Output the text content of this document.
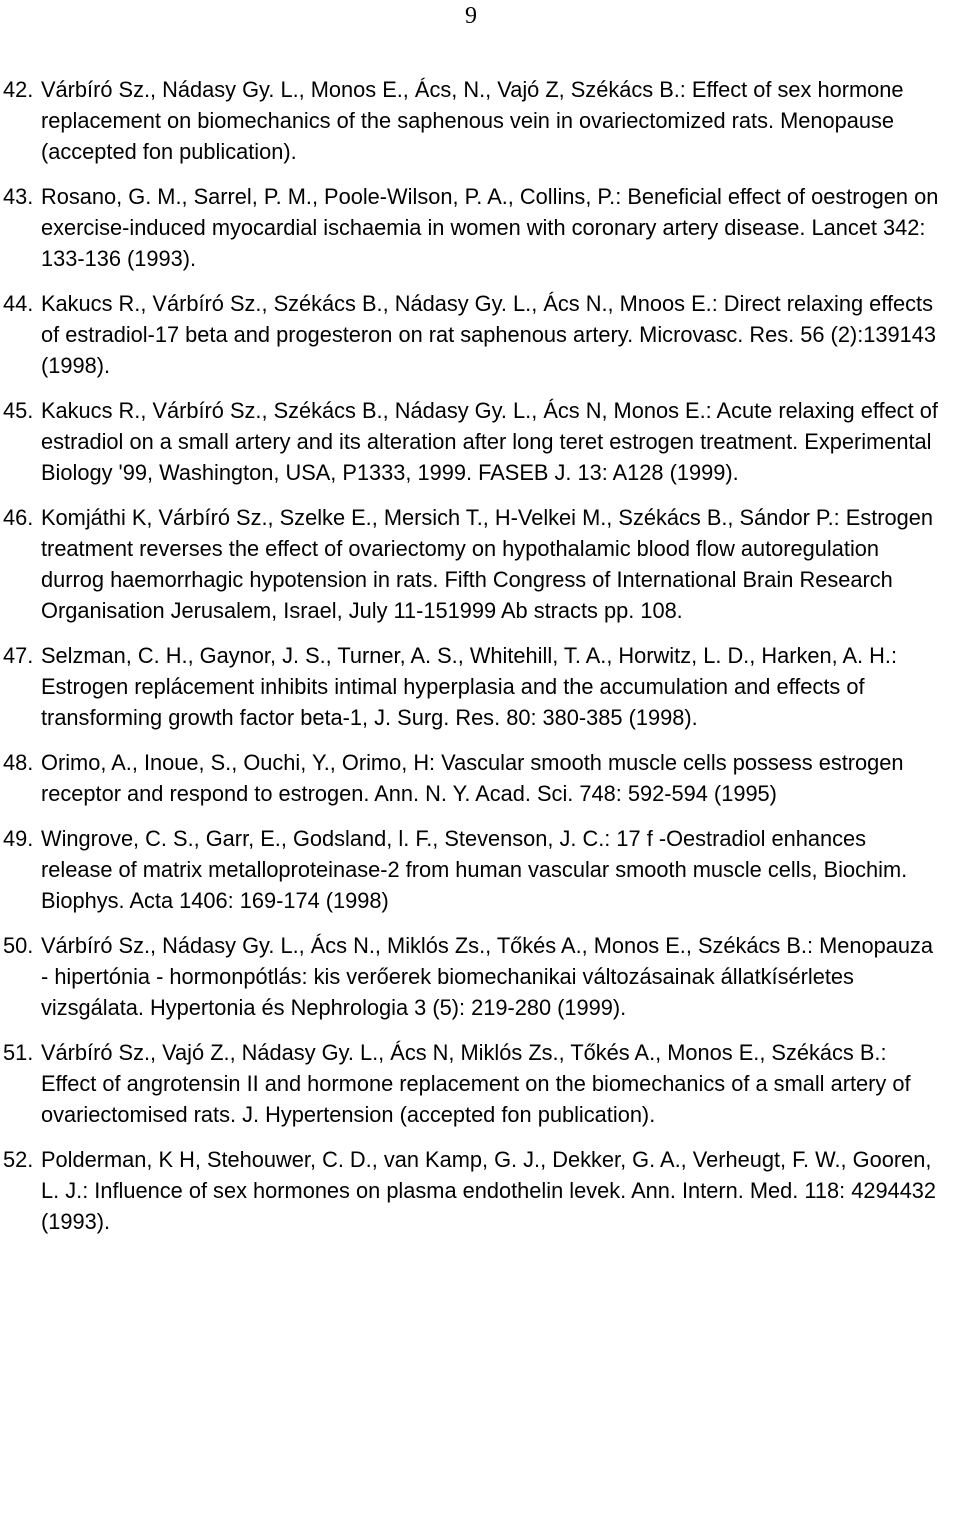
9
42. Várbíró Sz., Nádasy Gy. L., Monos E., Ács, N., Vajó Z, Székács B.: Effect of sex hormone replacement on biomechanics of the saphenous vein in ovariectomized rats. Menopause (accepted fon publication).
43. Rosano, G. M., Sarrel, P. M., Poole-Wilson, P. A., Collins, P.: Beneficial effect of oestrogen on exercise-induced myocardial ischaemia in women with coronary artery disease. Lancet 342: 133-136 (1993).
44. Kakucs R., Várbíró Sz., Székács B., Nádasy Gy. L., Ács N., Mnoos E.: Direct relaxing effects of estradiol-17 beta and progesteron on rat saphenous artery. Microvasc. Res. 56 (2):139143 (1998).
45. Kakucs R., Várbíró Sz., Székács B., Nádasy Gy. L., Ács N, Monos E.: Acute relaxing effect of estradiol on a small artery and its alteration after long teret estrogen treatment. Experimental Biology '99, Washington, USA, P1333, 1999. FASEB J. 13: A128 (1999).
46. Komjáthi K, Várbíró Sz., Szelke E., Mersich T., H-Velkei M., Székács B., Sándor P.: Estrogen treatment reverses the effect of ovariectomy on hypothalamic blood flow autoregulation durrog haemorrhagic hypotension in rats. Fifth Congress of International Brain Research Organisation Jerusalem, Israel, July 11-151999 Ab stracts pp. 108.
47. Selzman, C. H., Gaynor, J. S., Turner, A. S., Whitehill, T. A., Horwitz, L. D., Harken, A. H.: Estrogen replácement inhibits intimal hyperplasia and the accumulation and effects of transforming growth factor beta-1, J. Surg. Res. 80: 380-385 (1998).
48. Orimo, A., Inoue, S., Ouchi, Y., Orimo, H: Vascular smooth muscle cells possess estrogen receptor and respond to estrogen. Ann. N. Y. Acad. Sci. 748: 592-594 (1995)
49. Wingrove, C. S., Garr, E., Godsland, l. F., Stevenson, J. C.: 17 f -Oestradiol enhances release of matrix metalloproteinase-2 from human vascular smooth muscle cells, Biochim. Biophys. Acta 1406: 169-174 (1998)
50. Várbíró Sz., Nádasy Gy. L., Ács N., Miklós Zs., Tőkés A., Monos E., Székács B.: Menopauza - hipertónia - hormonpótlás: kis verőerek biomechanikai változásainak állatkísérletes vizsgálata. Hypertonia és Nephrologia 3 (5): 219-280 (1999).
51. Várbíró Sz., Vajó Z., Nádasy Gy. L., Ács N, Miklós Zs., Tőkés A., Monos E., Székács B.: Effect of angrotensin II and hormone replacement on the biomechanics of a small artery of ovariectomised rats. J. Hypertension (accepted fon publication).
52. Polderman, K H, Stehouwer, C. D., van Kamp, G. J., Dekker, G. A., Verheugt, F. W., Gooren, L. J.: Influence of sex hormones on plasma endothelin levek. Ann. Intern. Med. 118: 4294432 (1993).
